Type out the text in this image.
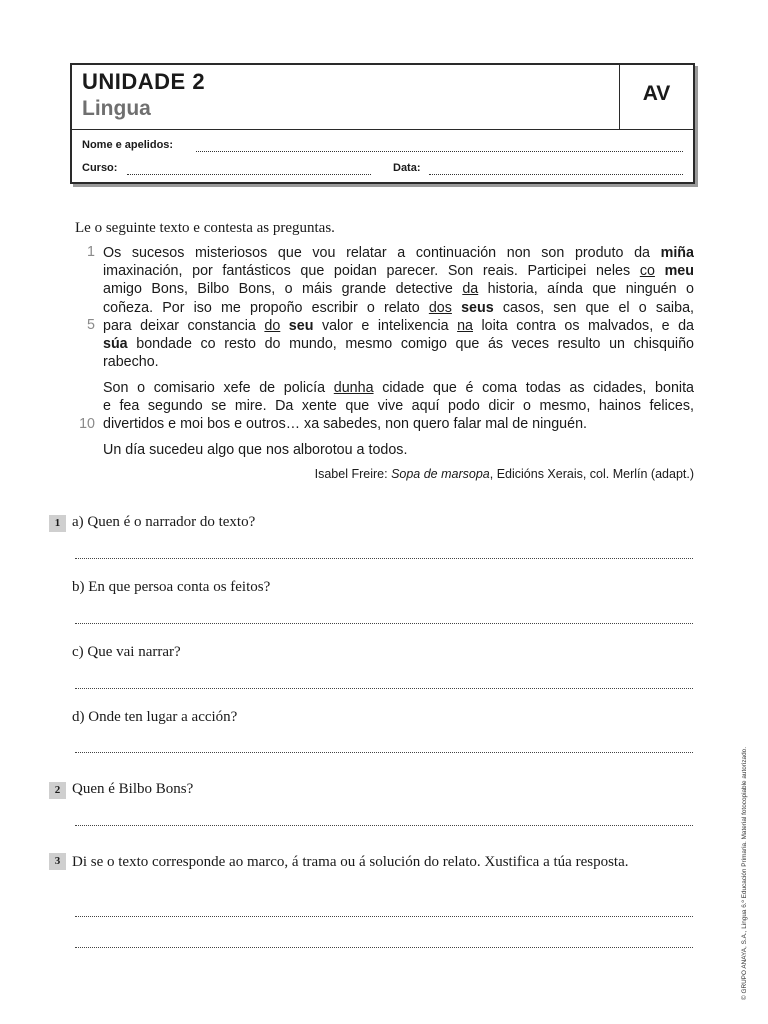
UNIDADE 2
Lingua
AV
Nome e apelidos:
Curso:	Data:
Le o seguinte texto e contesta as preguntas.
1
5
10
Os sucesos misteriosos que vou relatar a continuación non son produto da miña
imaxinación, por fantásticos que poidan parecer. Son reais. Participei neles co meu
amigo Bons, Bilbo Bons, o máis grande detective da historia, aínda que ninguén o
coñeza. Por iso me propoño escribir o relato dos seus casos, sen que el o saiba,
para deixar constancia do seu valor e intelixencia na loita contra os malvados, e da
súa bondade co resto do mundo, mesmo comigo que ás veces resulto un chisquiño
rabecho.
Son o comisario xefe de policía dunha cidade que é coma todas as cidades, bonita
e fea segundo se mire. Da xente que vive aquí podo dicir o mesmo, hainos felices,
divertidos e moi bos e outros… xa sabedes, non quero falar mal de ninguén.
Un día sucedeu algo que nos alborotou a todos.
Isabel Freire: Sopa de marsopa, Edicións Xerais, col. Merlín (adapt.)
1 a) Quen é o narrador do texto?
b) En que persoa conta os feitos?
c) Que vai narrar?
d) Onde ten lugar a acción?
2 Quen é Bilbo Bons?
3 Di se o texto corresponde ao marco, á trama ou á solución do relato. Xustifica a túa resposta.	© GRUPO ANAYA, S.A., Lingua 6.º Educación Primaria. Material fotocopiable autorizado.
